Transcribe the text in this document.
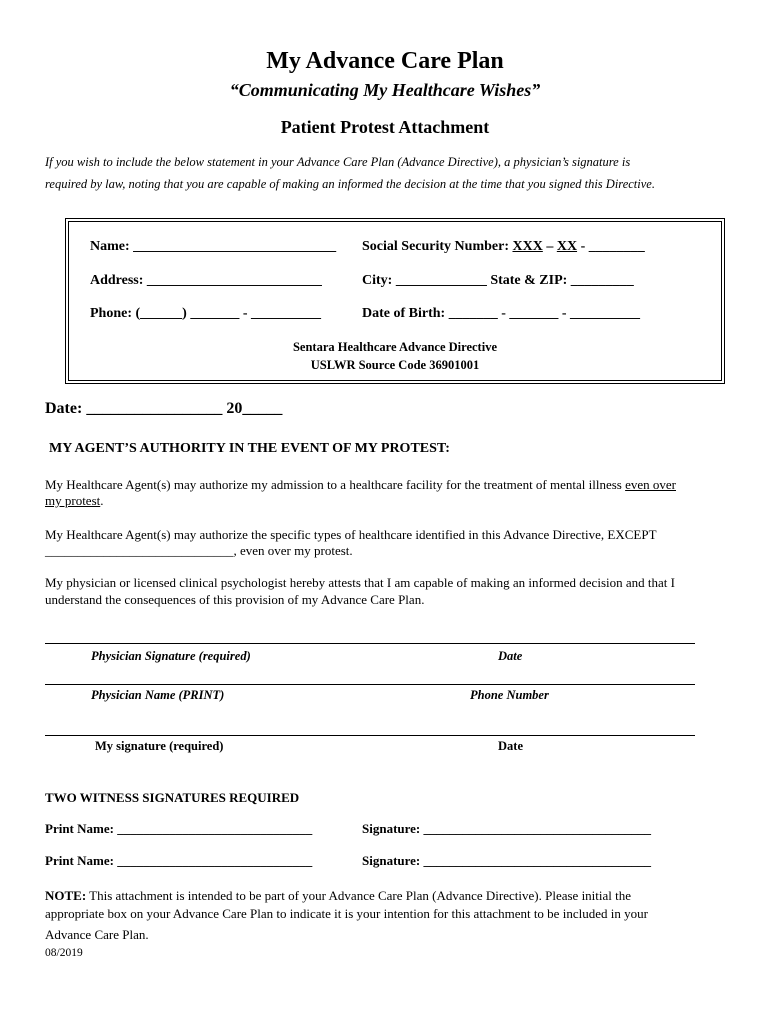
My Advance Care Plan
“Communicating My Healthcare Wishes”
Patient Protest Attachment
If you wish to include the below statement in your Advance Care Plan (Advance Directive), a physician’s signature is
required by law, noting that you are capable of making an informed the decision at the time that you signed this Directive.
Name: _____________________________ Social Security Number: XXX – XX - ________
Address: _________________________	City: _____________ State & ZIP: _________
Phone: (______) _______ - __________	Date of Birth: _______ - _______ - __________
Sentara Healthcare Advance Directive
USLWR Source Code 36901001
Date: _________________ 20_____
MY AGENT’S AUTHORITY IN THE EVENT OF MY PROTEST:
My Healthcare Agent(s) may authorize my admission to a healthcare facility for the treatment of mental illness even over
my protest.
My Healthcare Agent(s) may authorize the specific types of healthcare identified in this Advance Directive, EXCEPT
_____________________________, even over my protest.
My physician or licensed clinical psychologist hereby attests that I am capable of making an informed decision and that I
understand the consequences of this provision of my Advance Care Plan.
Physician Signature (required)	Date
Physician Name (PRINT)	Phone Number
My signature (required)	Date
TWO WITNESS SIGNATURES REQUIRED
Print Name: ______________________________	Signature: ___________________________________
Print Name: ______________________________	Signature: ___________________________________
NOTE: This attachment is intended to be part of your Advance Care Plan (Advance Directive). Please initial the
appropriate box on your Advance Care Plan to indicate it is your intention for this attachment to be included in your
Advance Care Plan.
08/2019
